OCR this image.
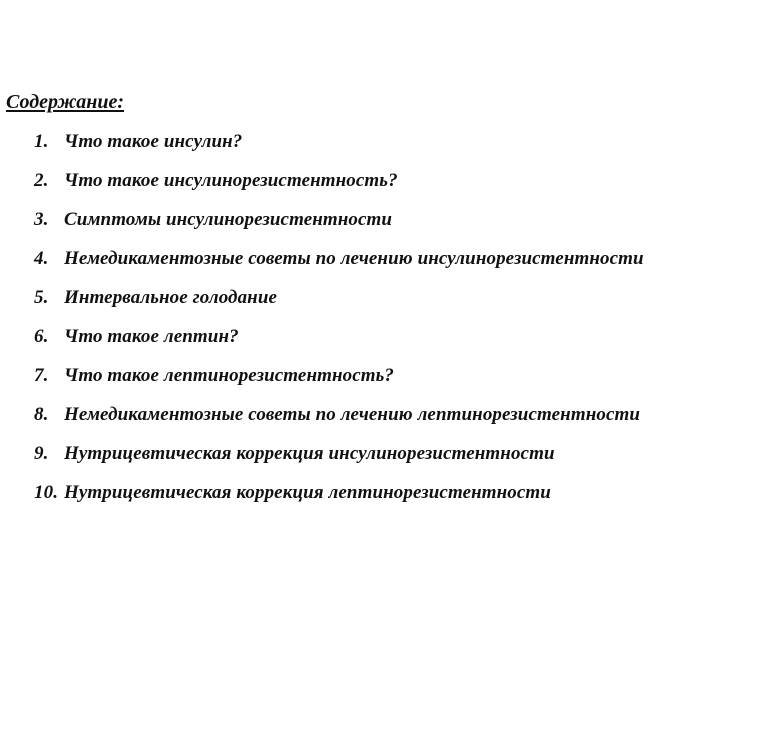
Содержание:
1. Что такое инсулин?
2. Что такое инсулинорезистентность?
3. Симптомы инсулинорезистентности
4. Немедикаментозные советы по лечению инсулинорезистентности
5. Интервальное голодание
6. Что такое лептин?
7. Что такое лептинорезистентность?
8. Немедикаментозные советы по лечению лептинорезистентности
9. Нутрицевтическая коррекция инсулинорезистентности
10. Нутрицевтическая коррекция лептинорезистентности
